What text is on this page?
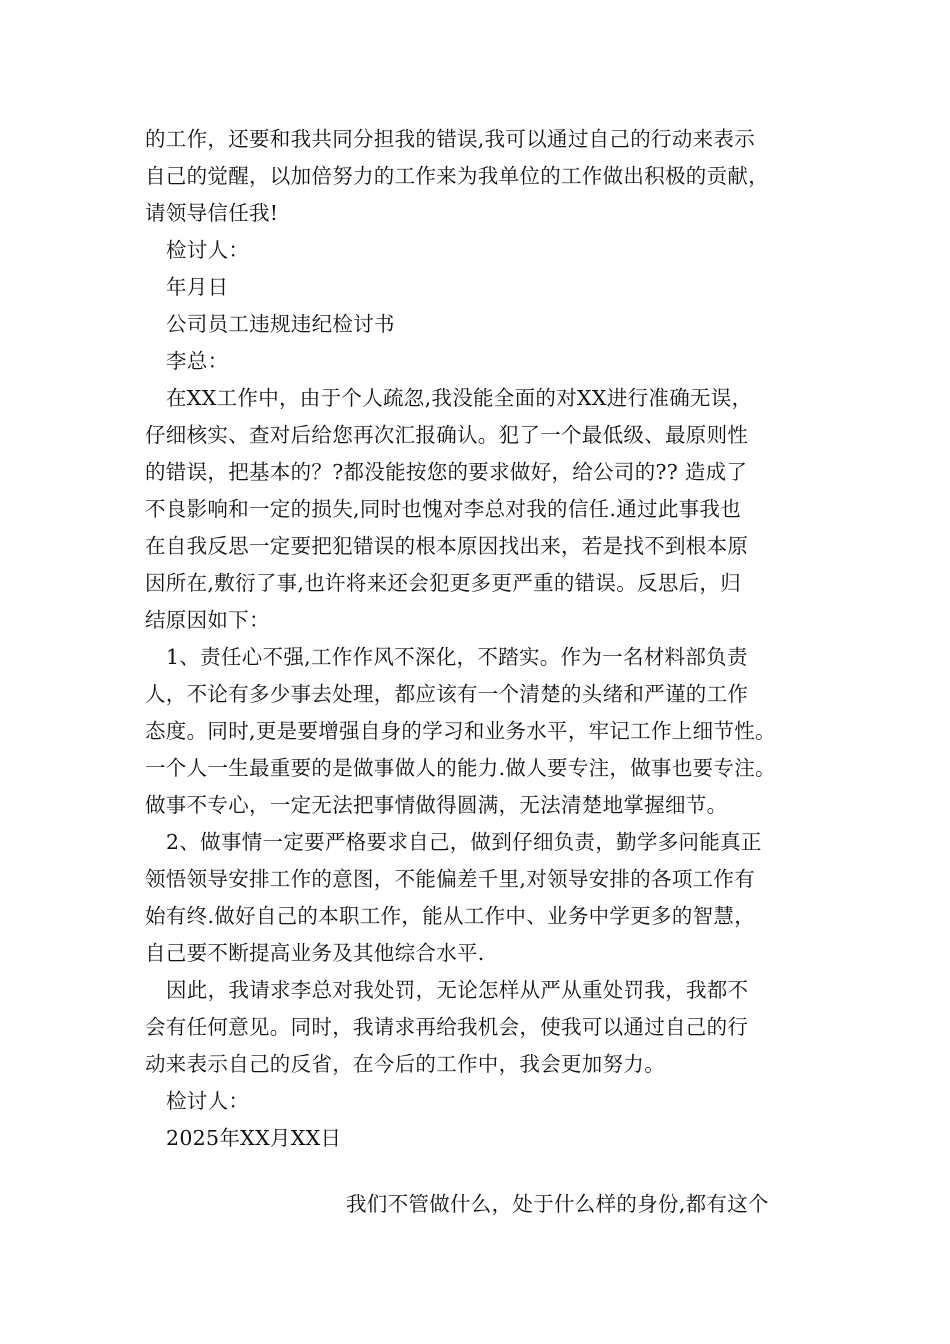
的工作，还要和我共同分担我的错误,我可以通过自己的行动来表示
自己的觉醒，以加倍努力的工作来为我单位的工作做出积极的贡献，
请领导信任我!
检讨人：
年月日
公司员工违规违纪检讨书
李总：
在XX工作中，由于个人疏忽,我没能全面的对XX进行准确无误，
仔细核实、查对后给您再次汇报确认。犯了一个最低级、最原则性
的错误，把基本的？?都没能按您的要求做好，给公司的?? 造成了
不良影响和一定的损失,同时也愧对李总对我的信任.通过此事我也
在自我反思一定要把犯错误的根本原因找出来，若是找不到根本原
因所在,敷衍了事,也许将来还会犯更多更严重的错误。反思后，归
结原因如下：
1、责任心不强,工作作风不深化，不踏实。作为一名材料部负责
人，不论有多少事去处理，都应该有一个清楚的头绪和严谨的工作
态度。同时,更是要增强自身的学习和业务水平，牢记工作上细节性。
一个人一生最重要的是做事做人的能力.做人要专注，做事也要专注。
做事不专心，一定无法把事情做得圆满，无法清楚地掌握细节。
2、做事情一定要严格要求自己，做到仔细负责，勤学多问能真正
领悟领导安排工作的意图，不能偏差千里,对领导安排的各项工作有
始有终.做好自己的本职工作，能从工作中、业务中学更多的智慧，
自己要不断提高业务及其他综合水平.
因此，我请求李总对我处罚，无论怎样从严从重处罚我，我都不
会有任何意见。同时，我请求再给我机会，使我可以通过自己的行
动来表示自己的反省，在今后的工作中，我会更加努力。
检讨人：
2025年XX月XX日
我们不管做什么，处于什么样的身份,都有这个
